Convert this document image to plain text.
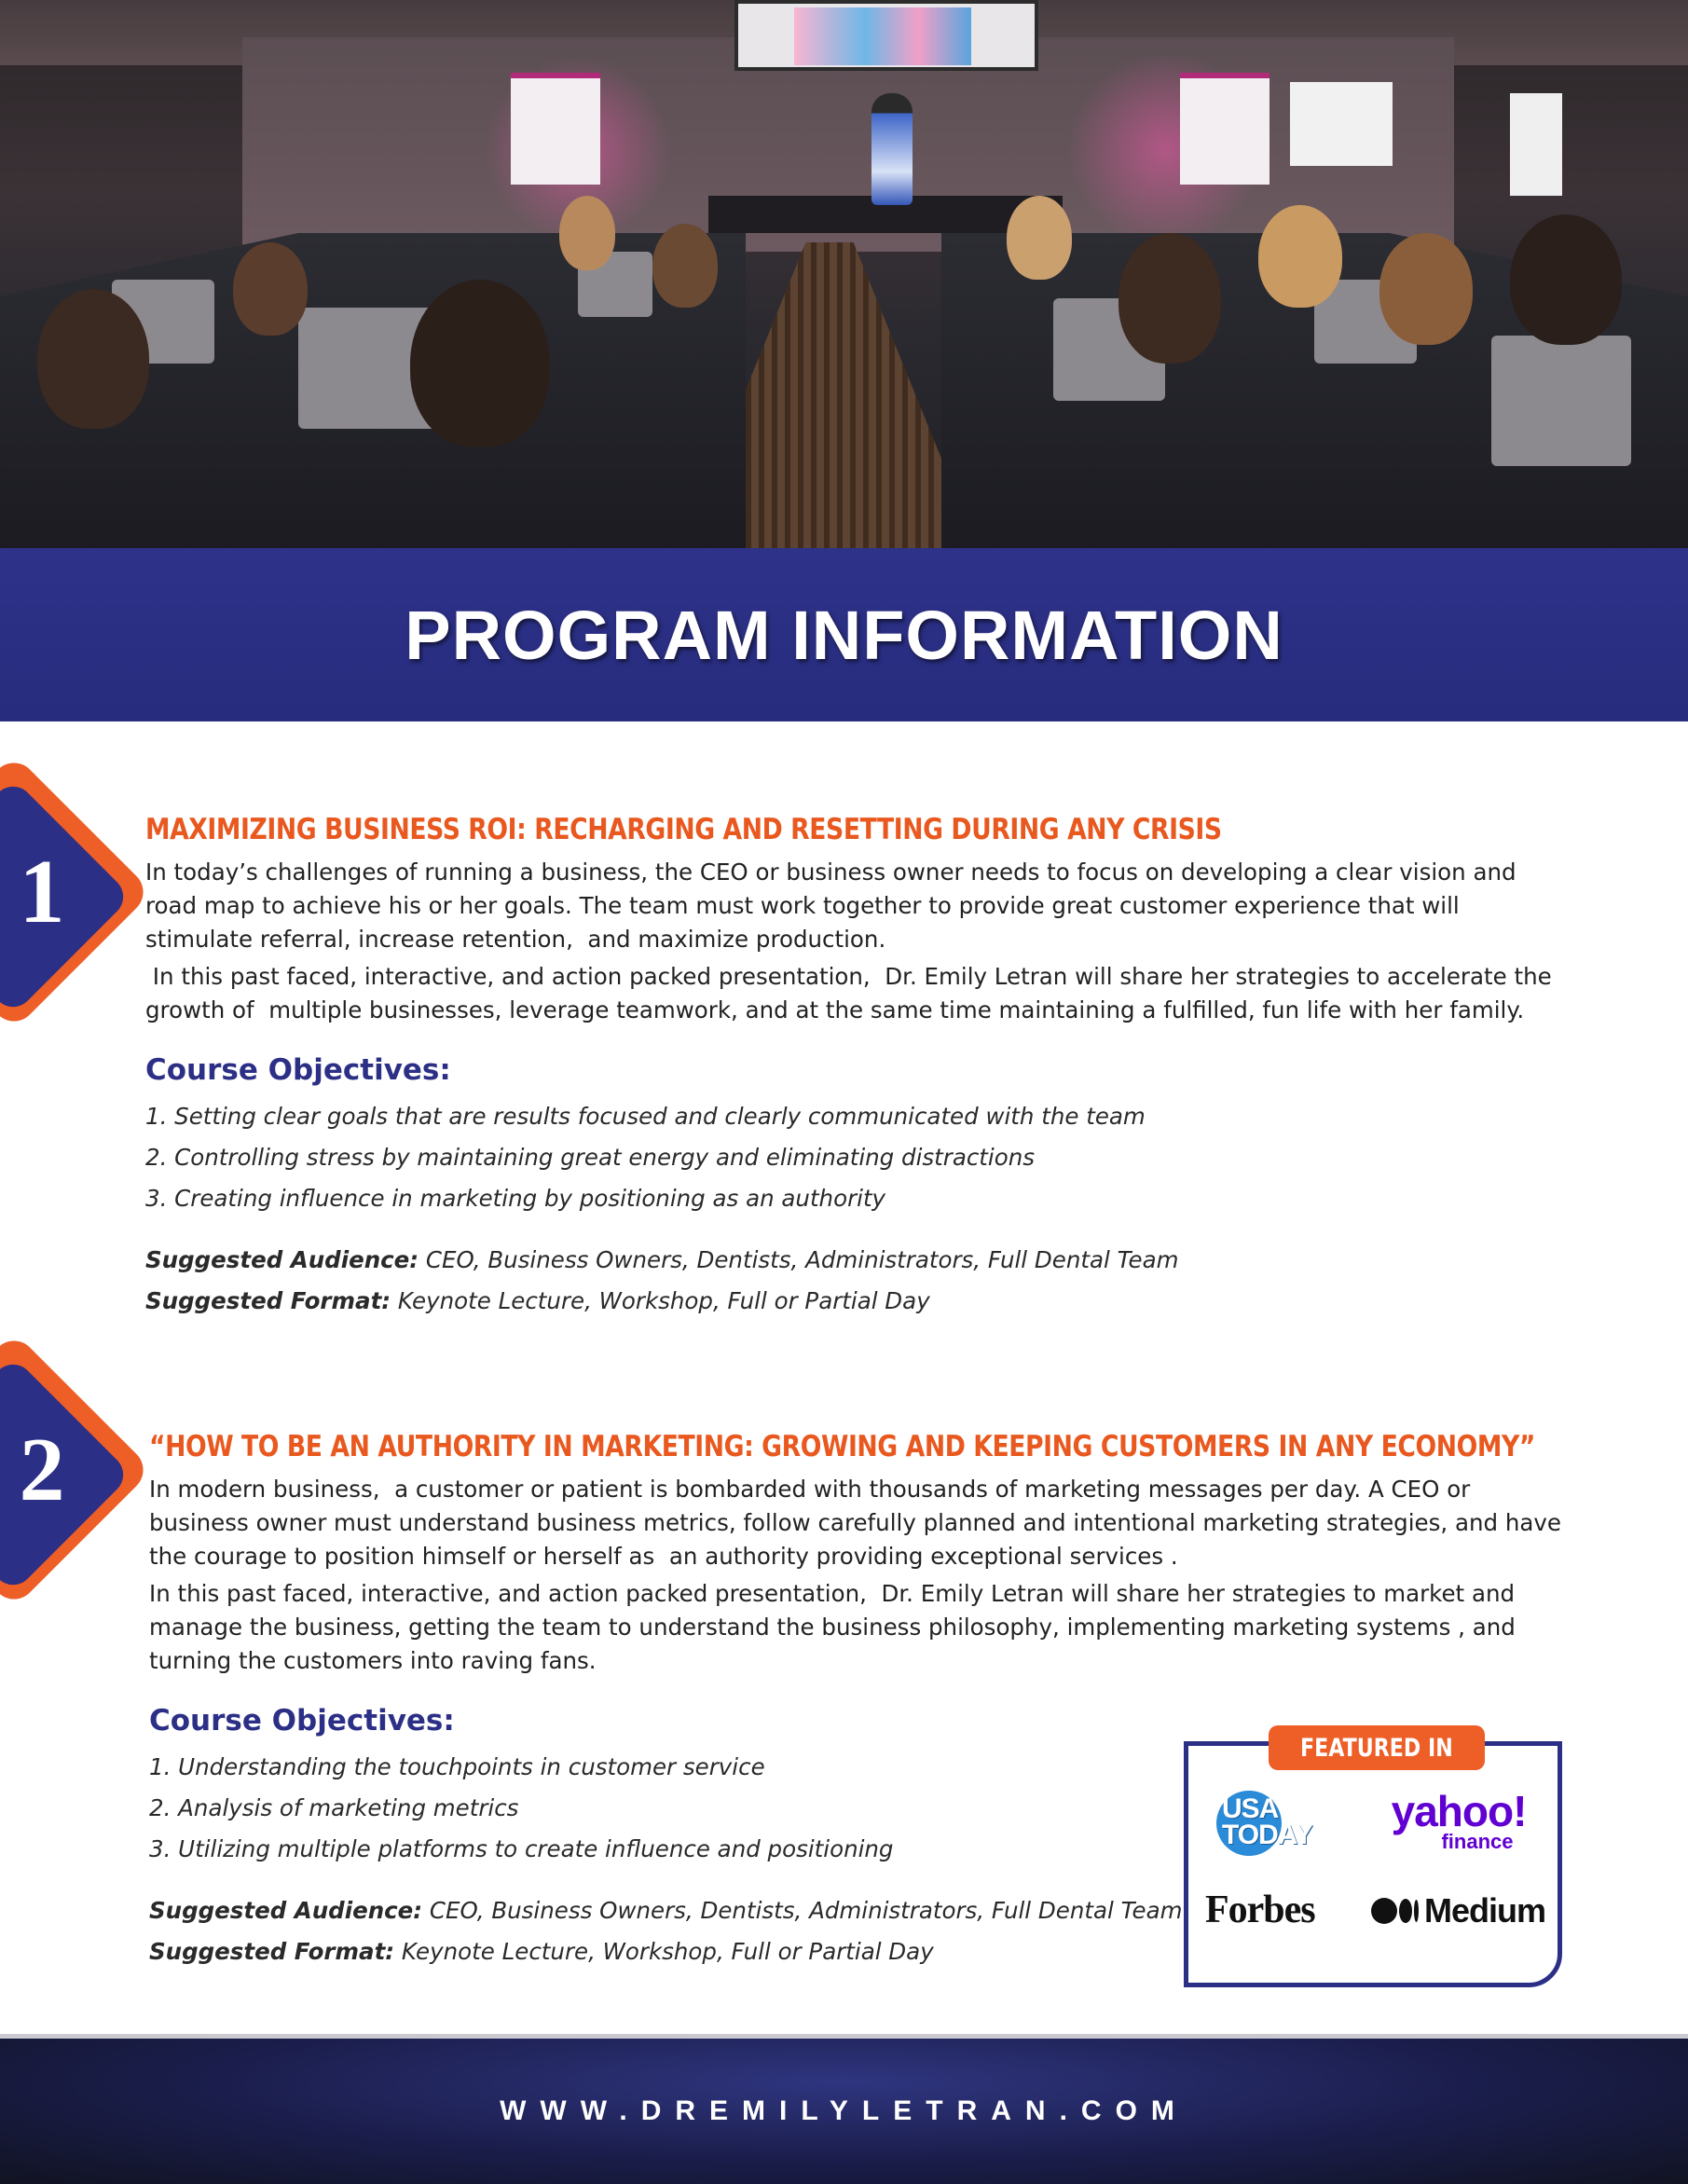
PROGRAM INFORMATION
1
MAXIMIZING BUSINESS ROI: RECHARGING AND RESETTING DURING ANY CRISIS

In today’s challenges of running a business, the CEO or business owner needs to focus on developing a clear vision and road map to achieve his or her goals. The team must work together to provide great customer experience that will stimulate referral, increase retention,  and maximize production.

In this past faced, interactive, and action packed presentation,  Dr. Emily Letran will share her strategies to accelerate the growth of  multiple businesses, leverage teamwork, and at the same time maintaining a fulfilled, fun life with her family.

Course Objectives:
1. Setting clear goals that are results focused and clearly communicated with the team
2. Controlling stress by maintaining great energy and eliminating distractions
3. Creating influence in marketing by positioning as an authority
Suggested Audience: CEO, Business Owners, Dentists, Administrators, Full Dental Team
Suggested Format: Keynote Lecture, Workshop, Full or Partial Day
2	“HOW TO BE AN AUTHORITY IN MARKETING: GROWING AND KEEPING CUSTOMERS IN ANY ECONOMY”

In modern business,  a customer or patient is bombarded with thousands of marketing messages per day. A CEO or business owner must understand business metrics, follow carefully planned and intentional marketing strategies, and have the courage to position himself or herself as  an authority providing exceptional services .

In this past faced, interactive, and action packed presentation,  Dr. Emily Letran will share her strategies to market and manage the business, getting the team to understand the business philosophy, implementing marketing systems , and turning the customers into raving fans.

Course Objectives:
1. Understanding the touchpoints in customer service
2. Analysis of marketing metrics
3. Utilizing multiple platforms to create influence and positioning
Suggested Audience: CEO, Business Owners, Dentists, Administrators, Full Dental Team
Suggested Format: Keynote Lecture, Workshop, Full or Partial Day
FEATURED IN
USA
TODAY	yahoo!
finance
Forbes	Medium
WWW.DREMILYLETRAN.COM
